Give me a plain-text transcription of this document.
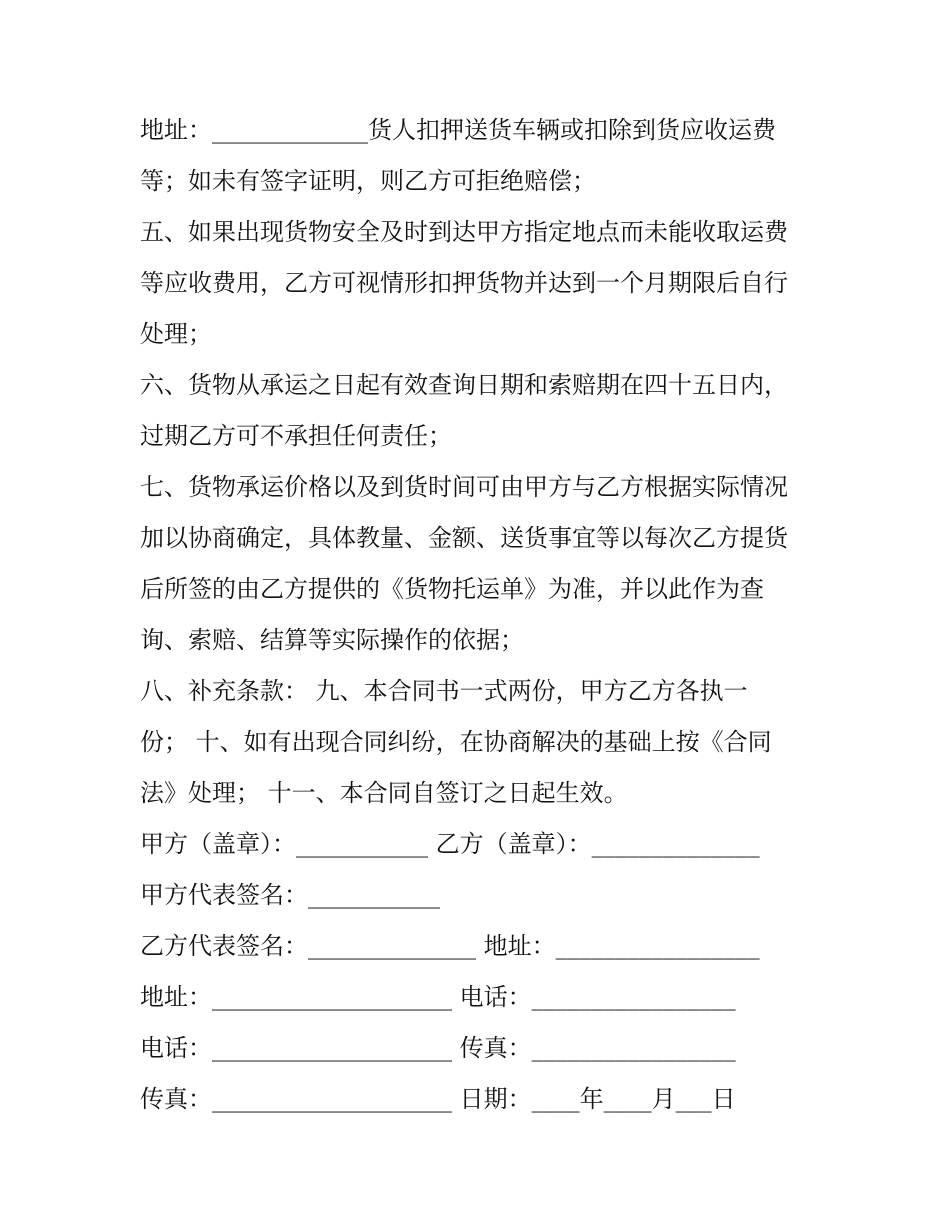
地址：_____________货人扣押送货车辆或扣除到货应收运费
等；如未有签字证明，则乙方可拒绝赔偿；
五、如果出现货物安全及时到达甲方指定地点而未能收取运费
等应收费用，乙方可视情形扣押货物并达到一个月期限后自行
处理；
六、货物从承运之日起有效查询日期和索赔期在四十五日内，
过期乙方可不承担任何责任；
七、货物承运价格以及到货时间可由甲方与乙方根据实际情况
加以协商确定，具体教量、金额、送货事宜等以每次乙方提货
后所签的由乙方提供的《货物托运单》为准，并以此作为查
询、索赔、结算等实际操作的依据；
八、补充条款： 九、本合同书一式两份，甲方乙方各执一
份； 十、如有出现合同纠纷，在协商解决的基础上按《合同
法》处理； 十一、本合同自签订之日起生效。
甲方（盖章）：___________ 乙方（盖章）：______________
甲方代表签名：___________
乙方代表签名：______________ 地址：_________________
地址：____________________ 电话：_________________
电话：____________________ 传真：_________________
传真：____________________ 日期：____年____月___日
